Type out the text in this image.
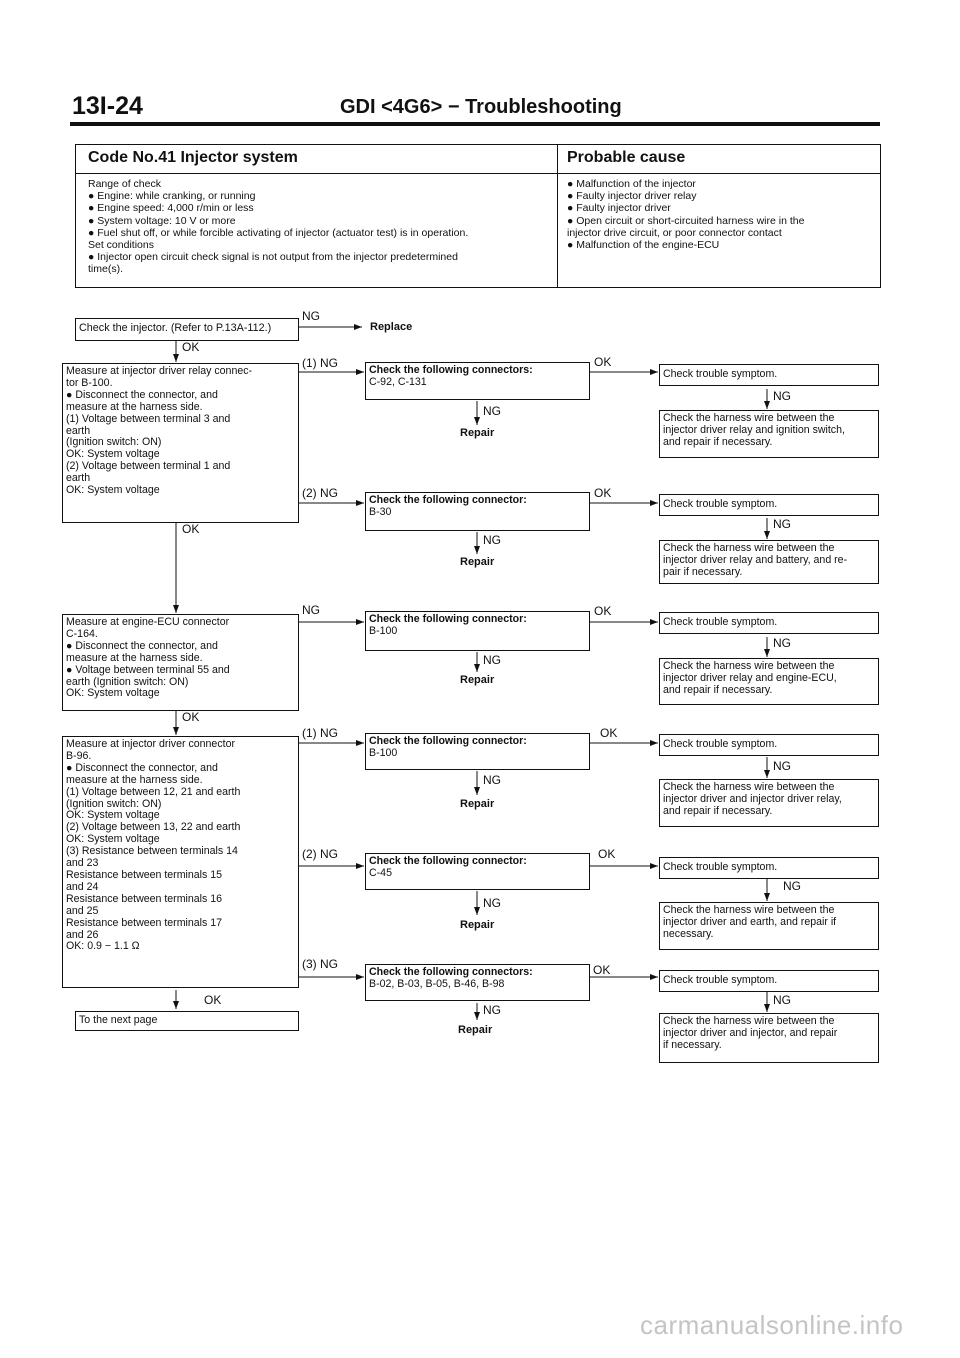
13I-24	GDI <4G6> − Troubleshooting
Code No.41 Injector system	Probable cause
Range of check
● Engine: while cranking, or running
● Engine speed: 4,000 r/min or less
● System voltage: 10 V or more
● Fuel shut off, or while forcible activating of injector (actuator test) is in operation.
Set conditions
● Injector open circuit check signal is not output from the injector predetermined
time(s).
● Malfunction of the injector
● Faulty injector driver relay
● Faulty injector driver
● Open circuit or short-circuited harness wire in the
injector drive circuit, or poor connector contact
● Malfunction of the engine-ECU
Check the injector. (Refer to P.13A-112.)
NG
Replace
OK
Measure at injector driver relay connec-
tor B-100.
● Disconnect the connector, and
measure at the harness side.
(1) Voltage between terminal 3 and
earth
(Ignition switch: ON)
OK: System voltage
(2) Voltage between terminal 1 and
earth
OK: System voltage
OK
(1) NG	Check the following connectors:
C-92, C-131
NG
Repair
OK
Check trouble symptom.
NG
Check the harness wire between the
injector driver relay and ignition switch,
and repair if necessary.
(2) NG	Check the following connector:
B-30
NG
Repair
OK
Check trouble symptom.
NG
Check the harness wire between the
injector driver relay and battery, and re-
pair if necessary.
Measure at engine-ECU connector
C-164.
● Disconnect the connector, and
measure at the harness side.
● Voltage between terminal 55 and
earth (Ignition switch: ON)
OK: System voltage
OK
NG
Check the following connector:
B-100
NG
Repair
OK
Check trouble symptom.
NG
Check the harness wire between the
injector driver relay and engine-ECU,
and repair if necessary.
Measure at injector driver connector
B-96.
● Disconnect the connector, and
measure at the harness side.
(1) Voltage between 12, 21 and earth
(Ignition switch: ON)
OK: System voltage
(2) Voltage between 13, 22 and earth
OK: System voltage
(3) Resistance between terminals 14
and 23
Resistance between terminals 15
and 24
Resistance between terminals 16
and 25
Resistance between terminals 17
and 26
OK: 0.9 − 1.1 Ω
OK
(1) NG
Check the following connector:
B-100
NG
Repair
OK
Check trouble symptom.
NG
Check the harness wire between the
injector driver and injector driver relay,
and repair if necessary.
(2) NG	Check the following connector:
C-45
NG
Repair
OK
Check trouble symptom.
NG
Check the harness wire between the
injector driver and earth, and repair if
necessary.
(3) NG
Check the following connectors:
B-02, B-03, B-05, B-46, B-98
NG
Repair
OK
Check trouble symptom.
NG
Check the harness wire between the
injector driver and injector, and repair
if necessary.
To the next page
carmanualsonline.info
